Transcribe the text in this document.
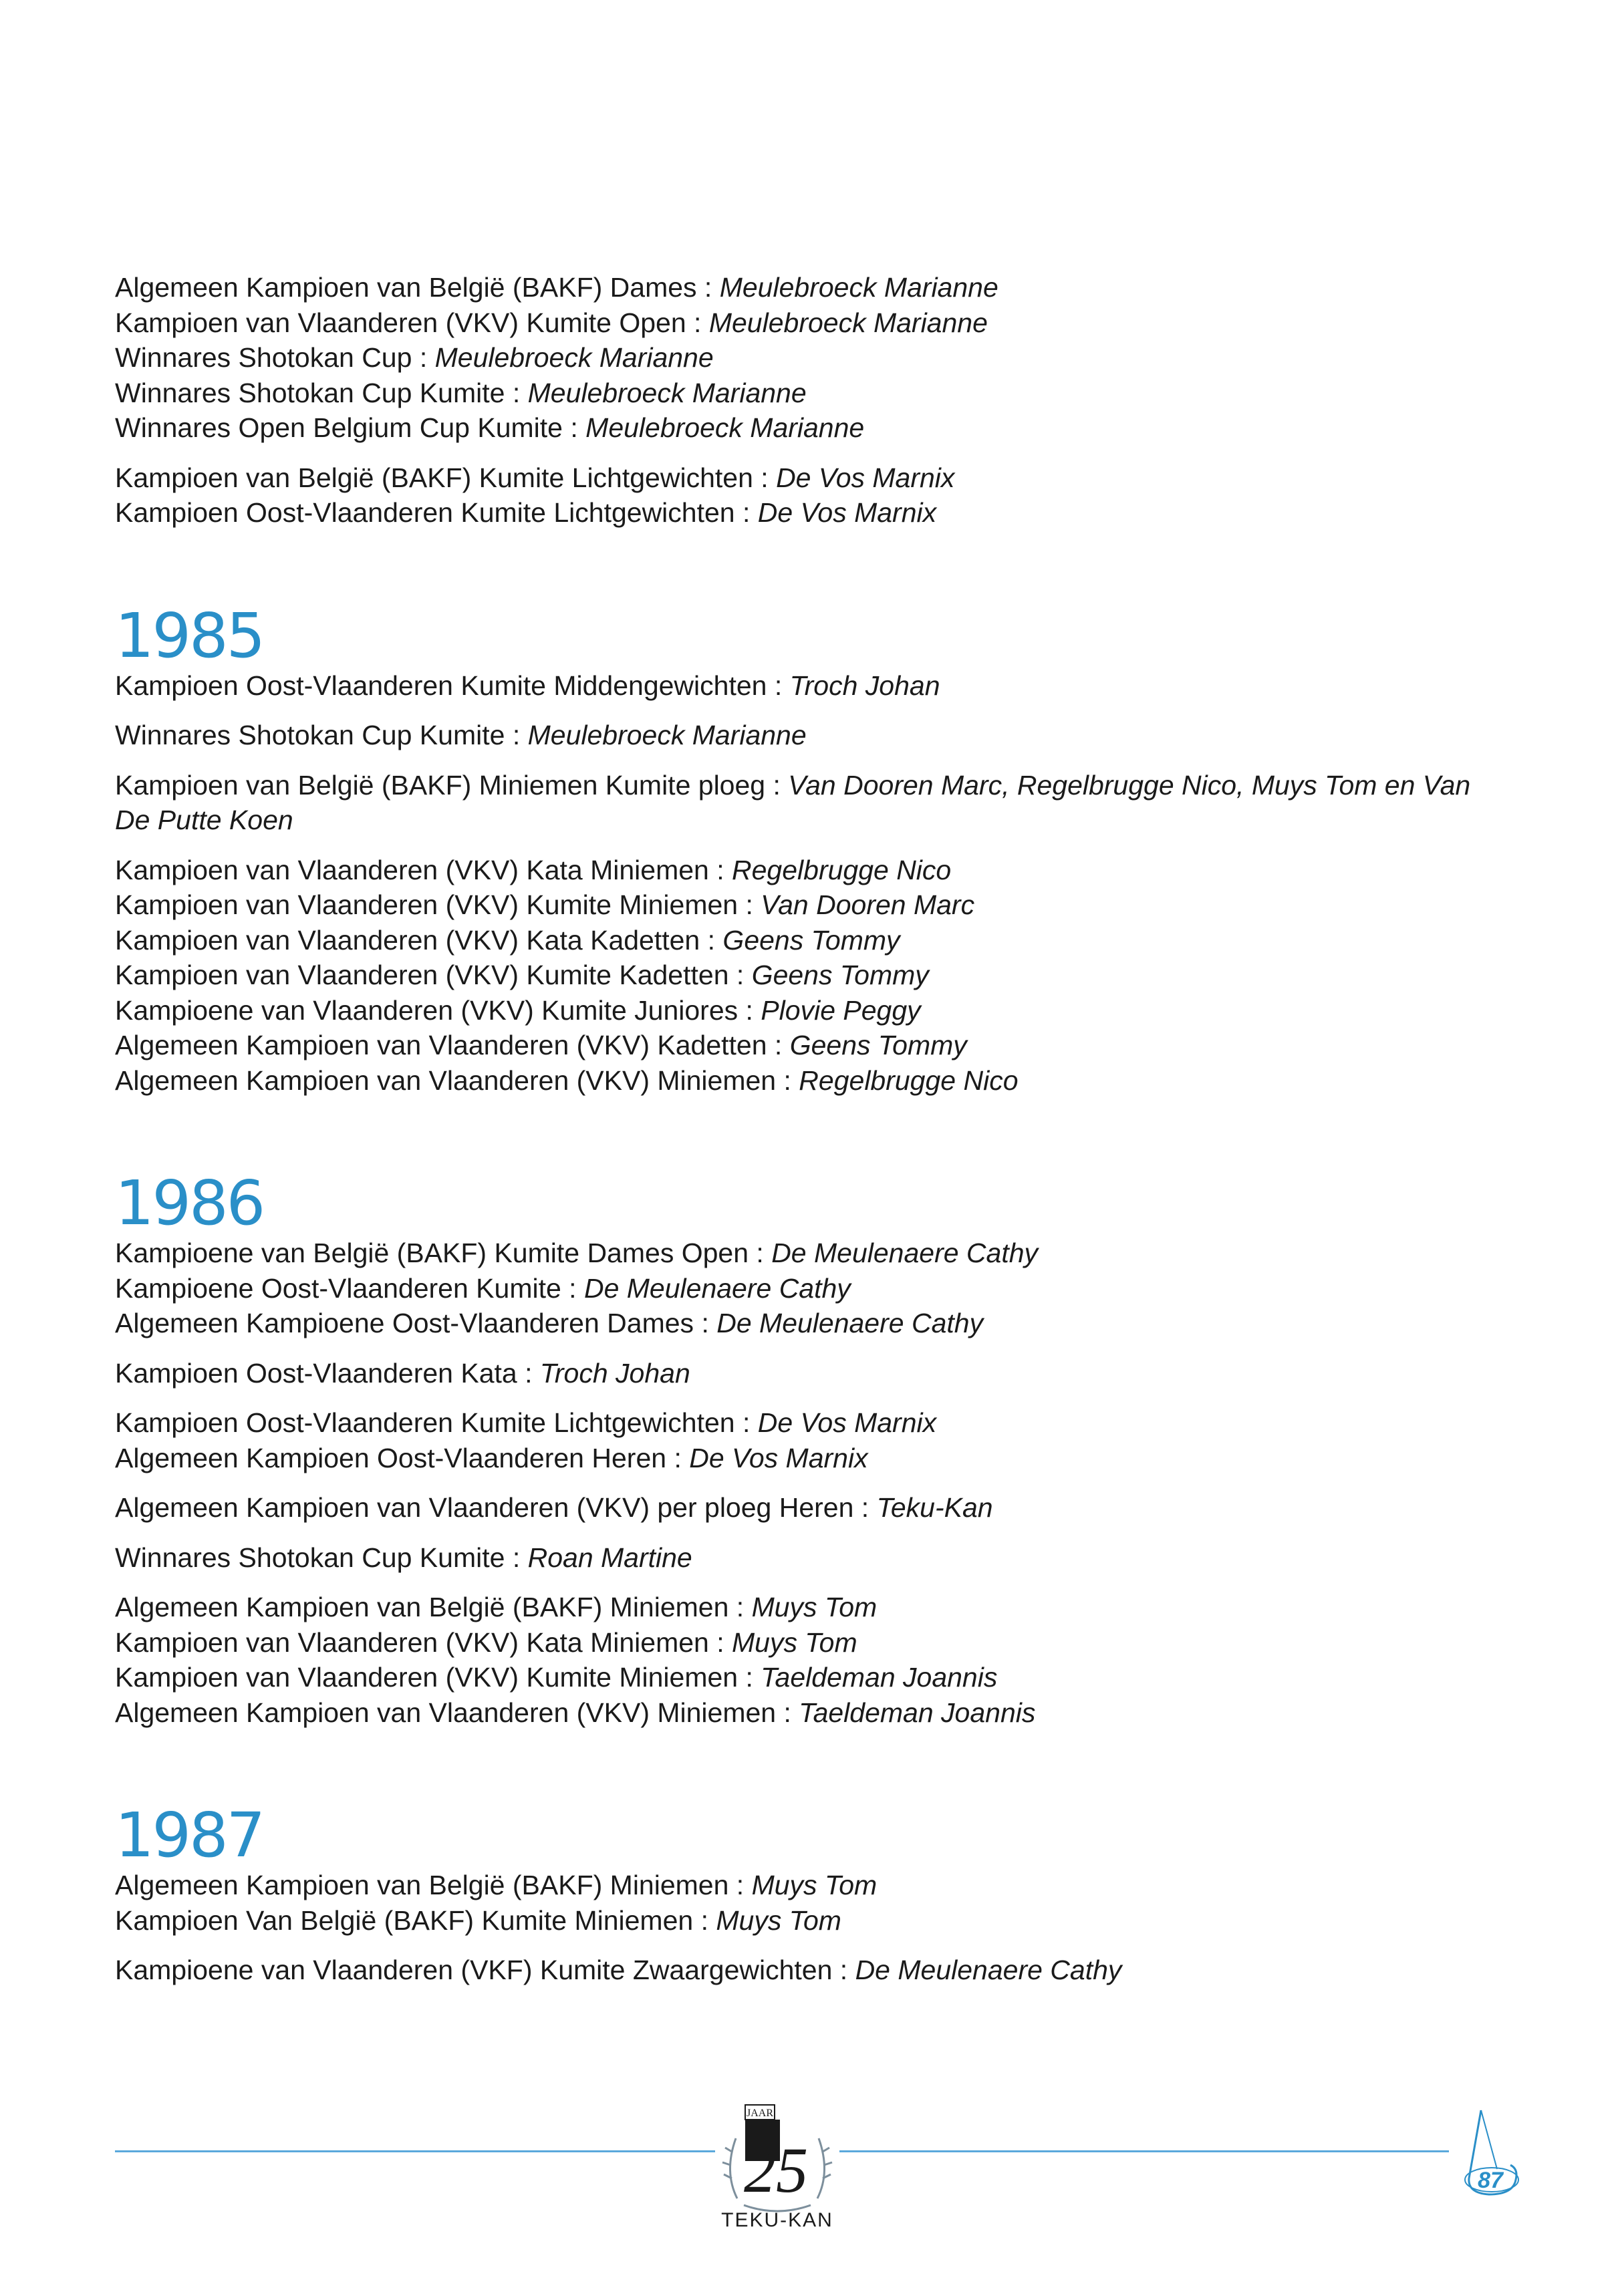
Algemeen Kampioen van België (BAKF) Dames : Meulebroeck Marianne
Kampioen van Vlaanderen (VKV) Kumite Open : Meulebroeck Marianne
Winnares Shotokan Cup : Meulebroeck Marianne
Winnares Shotokan Cup Kumite : Meulebroeck Marianne
Winnares Open Belgium Cup Kumite : Meulebroeck Marianne
Kampioen van België (BAKF) Kumite Lichtgewichten : De Vos Marnix
Kampioen Oost-Vlaanderen Kumite Lichtgewichten : De Vos Marnix
1985
Kampioen Oost-Vlaanderen Kumite Middengewichten : Troch Johan
Winnares Shotokan Cup Kumite : Meulebroeck Marianne
Kampioen van België (BAKF) Miniemen Kumite ploeg : Van Dooren Marc, Regelbrugge Nico, Muys Tom en Van De Putte Koen
Kampioen van Vlaanderen (VKV) Kata Miniemen : Regelbrugge Nico
Kampioen van Vlaanderen (VKV) Kumite Miniemen : Van Dooren Marc
Kampioen van Vlaanderen (VKV) Kata Kadetten : Geens Tommy
Kampioen van Vlaanderen (VKV) Kumite Kadetten : Geens Tommy
Kampioene van Vlaanderen (VKV) Kumite Juniores : Plovie Peggy
Algemeen Kampioen van Vlaanderen (VKV) Kadetten : Geens Tommy
Algemeen Kampioen van Vlaanderen (VKV) Miniemen : Regelbrugge Nico
1986
Kampioene van België (BAKF) Kumite Dames Open : De Meulenaere Cathy
Kampioene Oost-Vlaanderen Kumite : De Meulenaere Cathy
Algemeen Kampioene Oost-Vlaanderen Dames : De Meulenaere Cathy
Kampioen Oost-Vlaanderen Kata : Troch Johan
Kampioen Oost-Vlaanderen Kumite Lichtgewichten : De Vos Marnix
Algemeen Kampioen Oost-Vlaanderen Heren : De Vos Marnix
Algemeen Kampioen van Vlaanderen (VKV) per ploeg Heren : Teku-Kan
Winnares Shotokan Cup Kumite : Roan Martine
Algemeen Kampioen van België (BAKF) Miniemen : Muys Tom
Kampioen van Vlaanderen (VKV) Kata Miniemen : Muys Tom
Kampioen van Vlaanderen (VKV) Kumite Miniemen : Taeldeman Joannis
Algemeen Kampioen van Vlaanderen (VKV) Miniemen : Taeldeman Joannis
1987
Algemeen Kampioen van België (BAKF) Miniemen : Muys Tom
Kampioen Van België (BAKF) Kumite Miniemen : Muys Tom
Kampioene van Vlaanderen (VKF) Kumite Zwaargewichten : De Meulenaere Cathy
JAAR
25
TEKU-KAN
87
